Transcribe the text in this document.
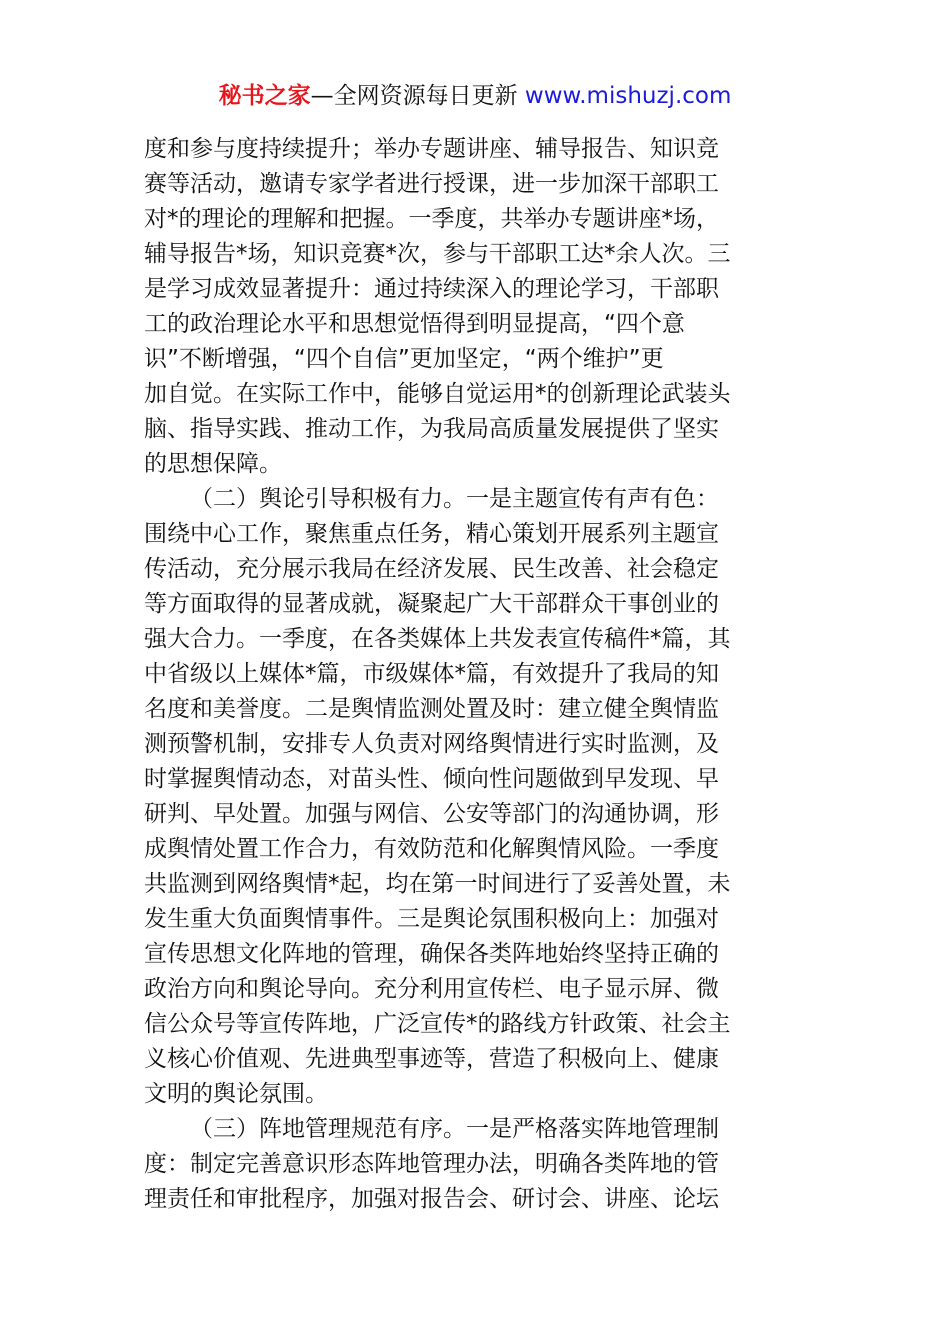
秘书之家—全网资源每日更新 www.mishuzj.com
度和参与度持续提升；举办专题讲座、辅导报告、知识竞
赛等活动，邀请专家学者进行授课，进一步加深干部职工
对*的理论的理解和把握。一季度，共举办专题讲座*场，
辅导报告*场，知识竞赛*次，参与干部职工达*余人次。三
是学习成效显著提升：通过持续深入的理论学习，干部职
工的政治理论水平和思想觉悟得到明显提高，“四个意
识”不断增强，“四个自信”更加坚定，“两个维护”更
加自觉。在实际工作中，能够自觉运用*的创新理论武装头
脑、指导实践、推动工作，为我局高质量发展提供了坚实
的思想保障。
（二）舆论引导积极有力。一是主题宣传有声有色：
围绕中心工作，聚焦重点任务，精心策划开展系列主题宣
传活动，充分展示我局在经济发展、民生改善、社会稳定
等方面取得的显著成就，凝聚起广大干部群众干事创业的
强大合力。一季度，在各类媒体上共发表宣传稿件*篇，其
中省级以上媒体*篇，市级媒体*篇，有效提升了我局的知
名度和美誉度。二是舆情监测处置及时：建立健全舆情监
测预警机制，安排专人负责对网络舆情进行实时监测，及
时掌握舆情动态，对苗头性、倾向性问题做到早发现、早
研判、早处置。加强与网信、公安等部门的沟通协调，形
成舆情处置工作合力，有效防范和化解舆情风险。一季度
共监测到网络舆情*起，均在第一时间进行了妥善处置，未
发生重大负面舆情事件。三是舆论氛围积极向上：加强对
宣传思想文化阵地的管理，确保各类阵地始终坚持正确的
政治方向和舆论导向。充分利用宣传栏、电子显示屏、微
信公众号等宣传阵地，广泛宣传*的路线方针政策、社会主
义核心价值观、先进典型事迹等，营造了积极向上、健康
文明的舆论氛围。
（三）阵地管理规范有序。一是严格落实阵地管理制
度：制定完善意识形态阵地管理办法，明确各类阵地的管
理责任和审批程序，加强对报告会、研讨会、讲座、论坛
